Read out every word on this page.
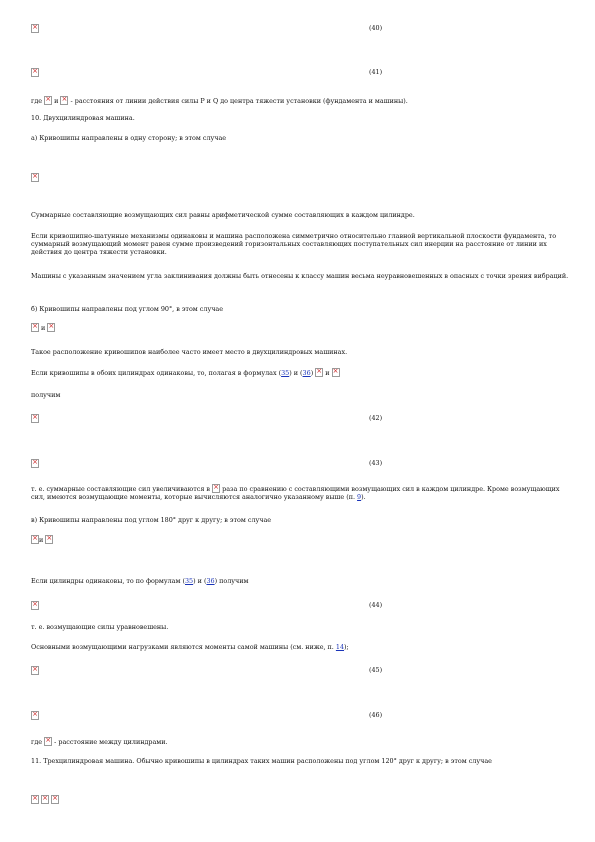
×
(40)
×
(41)
где × и × - расстояния от линии действия силы P и Q до центра тяжести установки (фундамента и машины).
10. Двухцилиндровая машина.
а) Кривошипы направлены в одну сторону; в этом случае
×
Суммарные составляющие возмущающих сил равны арифметической сумме составляющих в каждом цилиндре.
Если кривошипно-шатунные механизмы одинаковы и машина расположена симметрично относительно главной вертикальной плоскости фундамента, то суммарный возмущающий момент равен сумме произведений горизонтальных составляющих поступательных сил инерции на расстояние от линии их действия до центра тяжести установки.
Машины с указанным значением угла заклинивания должны быть отнесены к классу машин весьма неуравновешенных в опасных с точки зрения вибраций.
б) Кривошипы направлены под углом 90°, в этом случае
× и ×
Такое расположение кривошипов наиболее часто имеет место в двухцилиндровых машинах.
Если кривошипы в обоих цилиндрах одинаковы, то, полагая в формулах (35) и (36) × и ×
получим
×
(42)
×
(43)
т. е. суммарные составляющие сил увеличиваются в × раза по сравнению с составляющими возмущающих сил в каждом цилиндре. Кроме возмущающих сил, имеются возмущающие моменты, которые вычисляются аналогично указанному выше (п. 9).
в) Кривошипы направлены под углом 180° друг к другу; в этом случае
×и ×
Если цилиндры одинаковы, то по формулам (35) и (36) получим
×
(44)
т. е. возмущающие силы уравновешены.
Основными возмущающими нагрузками являются моменты самой машины (см. ниже, п. 14);
×
(45)
×
(46)
где × - расстояние между цилиндрами.
11. Трехцилиндровая машина. Обычно кривошипы в цилиндрах таких машин расположены под углом 120° друг к другу; в этом случае
× × ×
